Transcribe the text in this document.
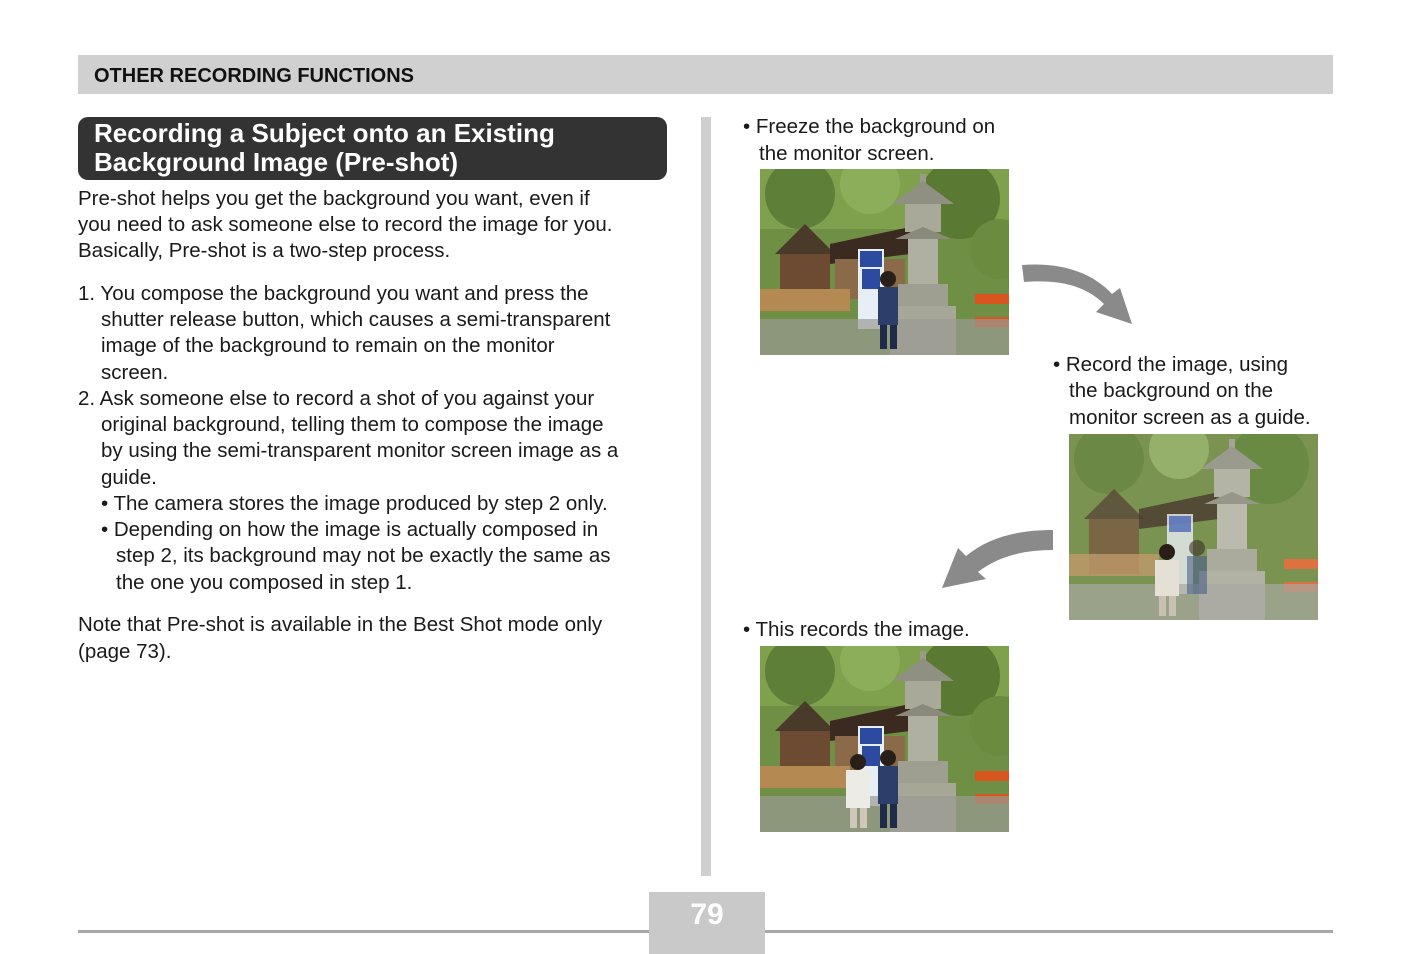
OTHER RECORDING FUNCTIONS
Recording a Subject onto an Existing
Background Image (Pre-shot)
Pre-shot helps you get the background you want, even if
you need to ask someone else to record the image for you.
Basically, Pre-shot is a two-step process.
1. You compose the background you want and press the
shutter release button, which causes a semi-transparent
image of the background to remain on the monitor
screen.
2. Ask someone else to record a shot of you against your
original background, telling them to compose the image
by using the semi-transparent monitor screen image as a
guide.
• The camera stores the image produced by step 2 only.
• Depending on how the image is actually composed in
step 2, its background may not be exactly the same as
the one you composed in step 1.
Note that Pre-shot is available in the Best Shot mode only
(page 73).
• Freeze the background on
the monitor screen.
• Record the image, using
the background on the
monitor screen as a guide.
• This records the image.
79
